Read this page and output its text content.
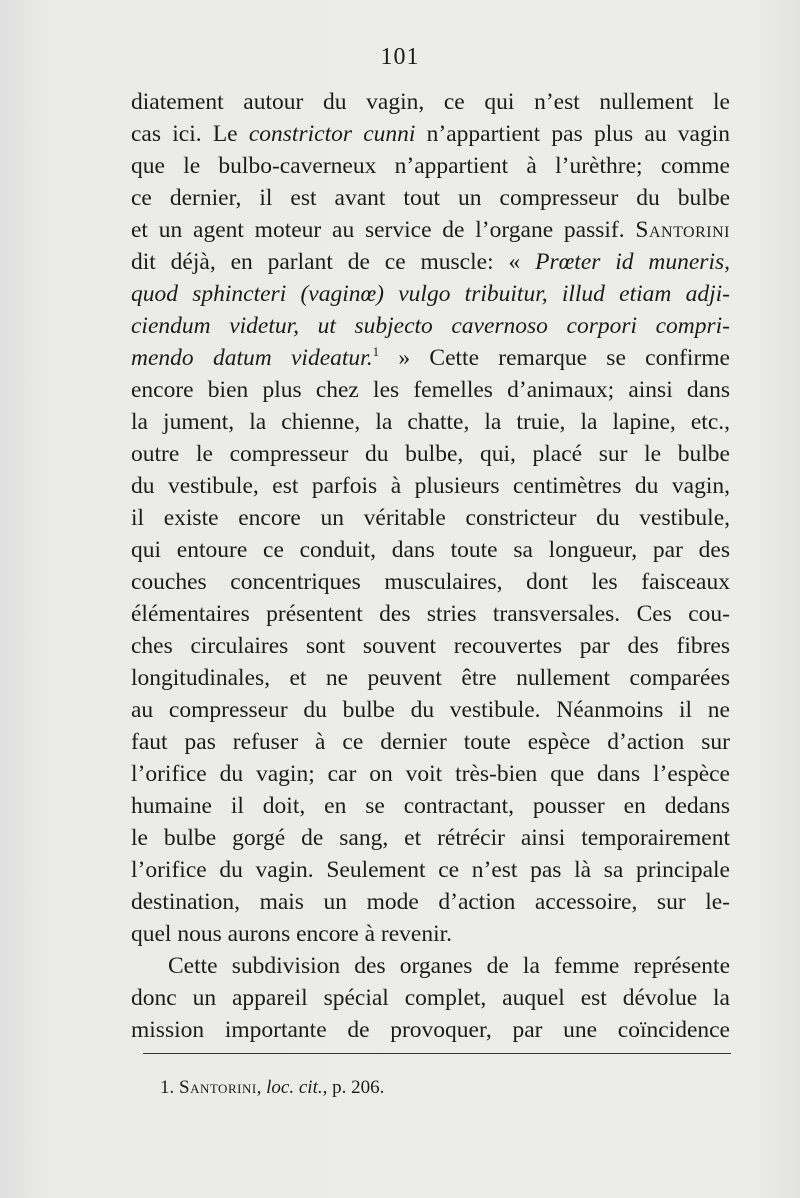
101
diatement autour du vagin, ce qui n’est nullement le
cas ici. Le constrictor cunni n’appartient pas plus au vagin
que le bulbo-caverneux n’appartient à l’urèthre; comme
ce dernier, il est avant tout un compresseur du bulbe
et un agent moteur au service de l’organe passif. Santorini
dit déjà, en parlant de ce muscle: « Prœter id muneris,
quod sphincteri (vaginœ) vulgo tribuitur, illud etiam adji-
ciendum videtur, ut subjecto cavernoso corpori compri-
mendo datum videatur.$^1$ » Cette remarque se confirme
encore bien plus chez les femelles d’animaux; ainsi dans
la jument, la chienne, la chatte, la truie, la lapine, etc.,
outre le compresseur du bulbe, qui, placé sur le bulbe
du vestibule, est parfois à plusieurs centimètres du vagin,
il existe encore un véritable constricteur du vestibule,
qui entoure ce conduit, dans toute sa longueur, par des
couches concentriques musculaires, dont les faisceaux
élémentaires présentent des stries transversales. Ces cou-
ches circulaires sont souvent recouvertes par des fibres
longitudinales, et ne peuvent être nullement comparées
au compresseur du bulbe du vestibule. Néanmoins il ne
faut pas refuser à ce dernier toute espèce d’action sur
l’orifice du vagin; car on voit très-bien que dans l’espèce
humaine il doit, en se contractant, pousser en dedans
le bulbe gorgé de sang, et rétrécir ainsi temporairement
l’orifice du vagin. Seulement ce n’est pas là sa principale
destination, mais un mode d’action accessoire, sur le-
quel nous aurons encore à revenir.
Cette subdivision des organes de la femme représente
donc un appareil spécial complet, auquel est dévolue la
mission importante de provoquer, par une coïncidence
1. Santorini, loc. cit., p. 206.
